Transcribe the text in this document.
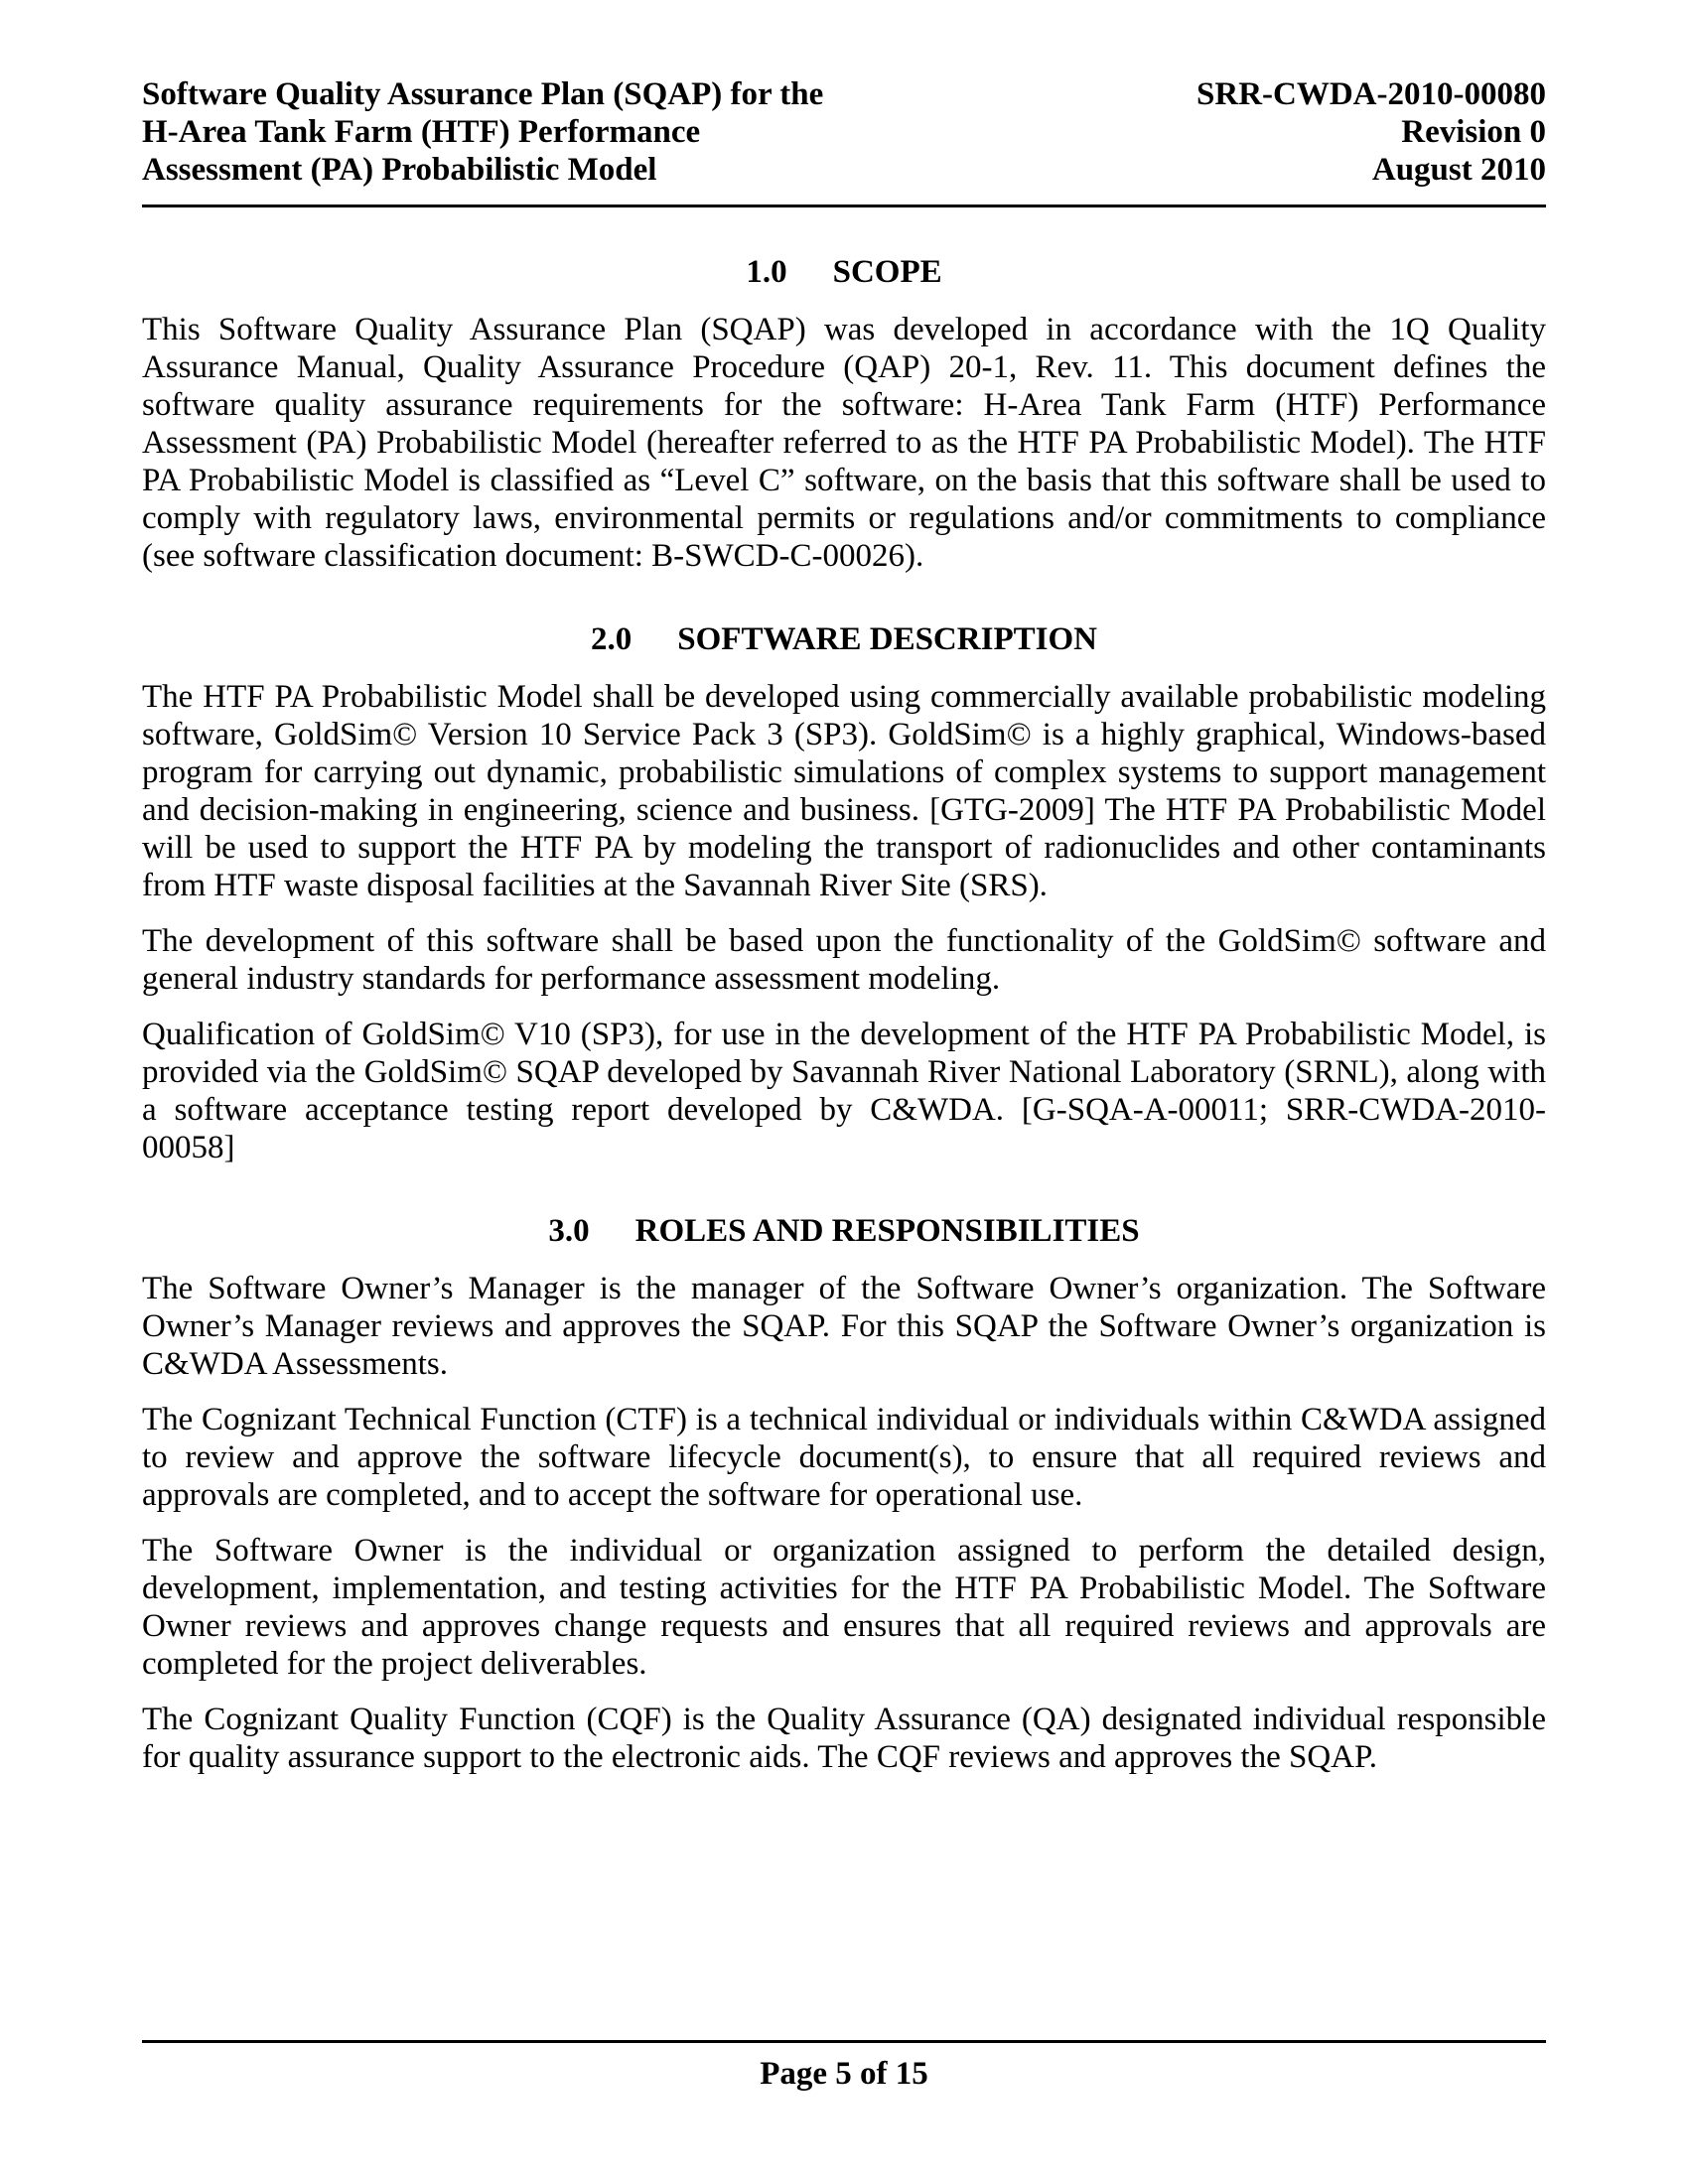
Software Quality Assurance Plan (SQAP) for the
H-Area Tank Farm (HTF) Performance
Assessment (PA) Probabilistic Model
SRR-CWDA-2010-00080
Revision 0
August 2010
1.0 SCOPE

This Software Quality Assurance Plan (SQAP) was developed in accordance with the 1Q Quality Assurance Manual, Quality Assurance Procedure (QAP) 20-1, Rev. 11. This document defines the software quality assurance requirements for the software: H-Area Tank Farm (HTF) Performance Assessment (PA) Probabilistic Model (hereafter referred to as the HTF PA Probabilistic Model). The HTF PA Probabilistic Model is classified as “Level C” software, on the basis that this software shall be used to comply with regulatory laws, environmental permits or regulations and/or commitments to compliance (see software classification document: B-SWCD-C-00026).

2.0 SOFTWARE DESCRIPTION

The HTF PA Probabilistic Model shall be developed using commercially available probabilistic modeling software, GoldSim© Version 10 Service Pack 3 (SP3). GoldSim© is a highly graphical, Windows-based program for carrying out dynamic, probabilistic simulations of complex systems to support management and decision-making in engineering, science and business. [GTG-2009] The HTF PA Probabilistic Model will be used to support the HTF PA by modeling the transport of radionuclides and other contaminants from HTF waste disposal facilities at the Savannah River Site (SRS).

The development of this software shall be based upon the functionality of the GoldSim© software and general industry standards for performance assessment modeling.

Qualification of GoldSim© V10 (SP3), for use in the development of the HTF PA Probabilistic Model, is provided via the GoldSim© SQAP developed by Savannah River National Laboratory (SRNL), along with a software acceptance testing report developed by C&WDA. [G-SQA-A-00011; SRR-CWDA-2010-00058]

3.0 ROLES AND RESPONSIBILITIES

The Software Owner’s Manager is the manager of the Software Owner’s organization. The Software Owner’s Manager reviews and approves the SQAP. For this SQAP the Software Owner’s organization is C&WDA Assessments.

The Cognizant Technical Function (CTF) is a technical individual or individuals within C&WDA assigned to review and approve the software lifecycle document(s), to ensure that all required reviews and approvals are completed, and to accept the software for operational use.

The Software Owner is the individual or organization assigned to perform the detailed design, development, implementation, and testing activities for the HTF PA Probabilistic Model. The Software Owner reviews and approves change requests and ensures that all required reviews and approvals are completed for the project deliverables.

The Cognizant Quality Function (CQF) is the Quality Assurance (QA) designated individual responsible for quality assurance support to the electronic aids. The CQF reviews and approves the SQAP.

Page 5 of 15
